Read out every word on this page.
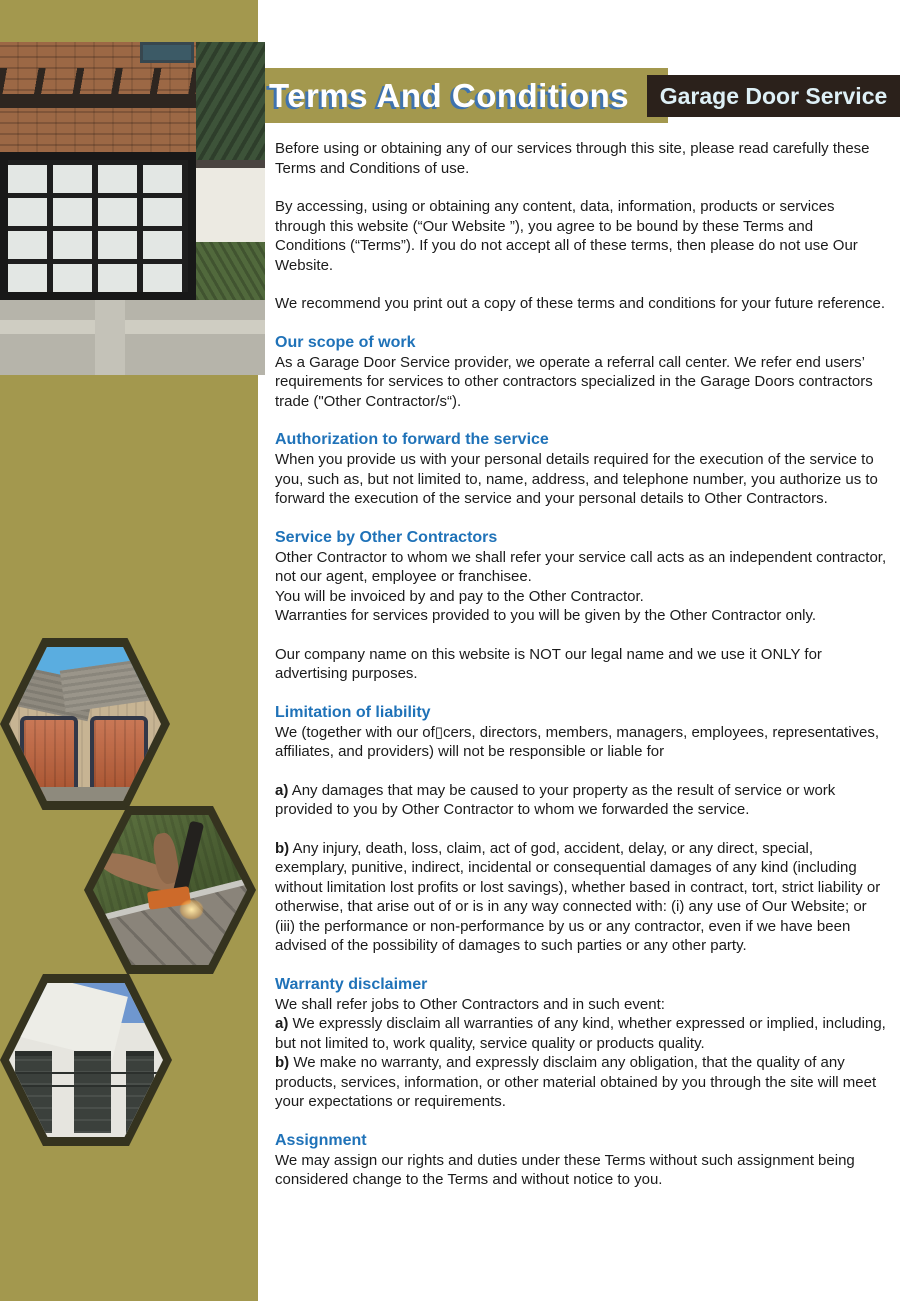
Terms And Conditions Garage Door Service

Before using or obtaining any of our services through this site, please read carefully these Terms and Conditions of use.

By accessing, using or obtaining any content, data, information, products or services through this website (“Our Website ”), you agree to be bound by these Terms and Conditions (“Terms”). If you do not accept all of these terms, then please do not use Our Website.

We recommend you print out a copy of these terms and conditions for your future reference.

Our scope of work

As a Garage Door Service provider, we operate a referral call center. We refer end users’ requirements for services to other contractors specialized in the Garage Doors contractors trade ("Other Contractor/s“).

Authorization to forward the service

When you provide us with your personal details required for the execution of the service to you, such as, but not limited to, name, address, and telephone number, you authorize us to forward the execution of the service and your personal details to Other Contractors.

Service by Other Contractors

Other Contractor to whom we shall refer your service call acts as an independent contractor, not our agent, employee or franchisee.

You will be invoiced by and pay to the Other Contractor.

Warranties for services provided to you will be given by the Other Contractor only.

Our company name on this website is NOT our legal name and we use it ONLY for advertising purposes.

Limitation of liability

We (together with our of▯cers, directors, members, managers, employees, representatives, affiliates, and providers) will not be responsible or liable for

a) Any damages that may be caused to your property as the result of service or work provided to you by Other Contractor to whom we forwarded the service.

b) Any injury, death, loss, claim, act of god, accident, delay, or any direct, special, exemplary, punitive, indirect, incidental or consequential damages of any kind (including without limitation lost profits or lost savings), whether based in contract, tort, strict liability or otherwise, that arise out of or is in any way connected with: (i) any use of Our Website; or (iii) the performance or non-performance by us or any contractor, even if we have been advised of the possibility of damages to such parties or any other party.

Warranty disclaimer

We shall refer jobs to Other Contractors and in such event:

a) We expressly disclaim all warranties of any kind, whether expressed or implied, including, but not limited to, work quality, service quality or products quality.

b) We make no warranty, and expressly disclaim any obligation, that the quality of any products, services, information, or other material obtained by you through the site will meet your expectations or requirements.

Assignment

We may assign our rights and duties under these Terms without such assignment being considered change to the Terms and without notice to you.
